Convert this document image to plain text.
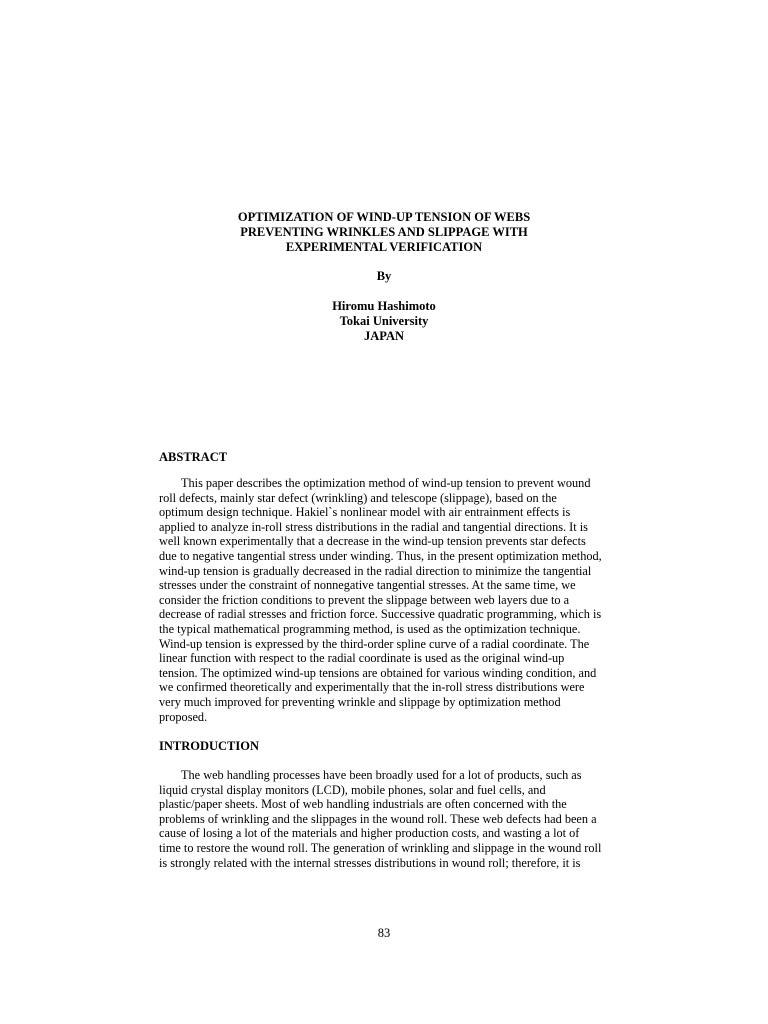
OPTIMIZATION OF WIND-UP TENSION OF WEBS
PREVENTING WRINKLES AND SLIPPAGE WITH
EXPERIMENTAL VERIFICATION
By
Hiromu Hashimoto
Tokai University
JAPAN
ABSTRACT
This paper describes the optimization method of wind-up tension to prevent wound
roll defects, mainly star defect (wrinkling) and telescope (slippage), based on the
optimum design technique. Hakiel`s nonlinear model with air entrainment effects is
applied to analyze in-roll stress distributions in the radial and tangential directions. It is
well known experimentally that a decrease in the wind-up tension prevents star defects
due to negative tangential stress under winding. Thus, in the present optimization method,
wind-up tension is gradually decreased in the radial direction to minimize the tangential
stresses under the constraint of nonnegative tangential stresses. At the same time, we
consider the friction conditions to prevent the slippage between web layers due to a
decrease of radial stresses and friction force. Successive quadratic programming, which is
the typical mathematical programming method, is used as the optimization technique.
Wind-up tension is expressed by the third-order spline curve of a radial coordinate. The
linear function with respect to the radial coordinate is used as the original wind-up
tension. The optimized wind-up tensions are obtained for various winding condition, and
we confirmed theoretically and experimentally that the in-roll stress distributions were
very much improved for preventing wrinkle and slippage by optimization method
proposed.
INTRODUCTION
The web handling processes have been broadly used for a lot of products, such as
liquid crystal display monitors (LCD), mobile phones, solar and fuel cells, and
plastic/paper sheets. Most of web handling industrials are often concerned with the
problems of wrinkling and the slippages in the wound roll. These web defects had been a
cause of losing a lot of the materials and higher production costs, and wasting a lot of
time to restore the wound roll. The generation of wrinkling and slippage in the wound roll
is strongly related with the internal stresses distributions in wound roll; therefore, it is
83
